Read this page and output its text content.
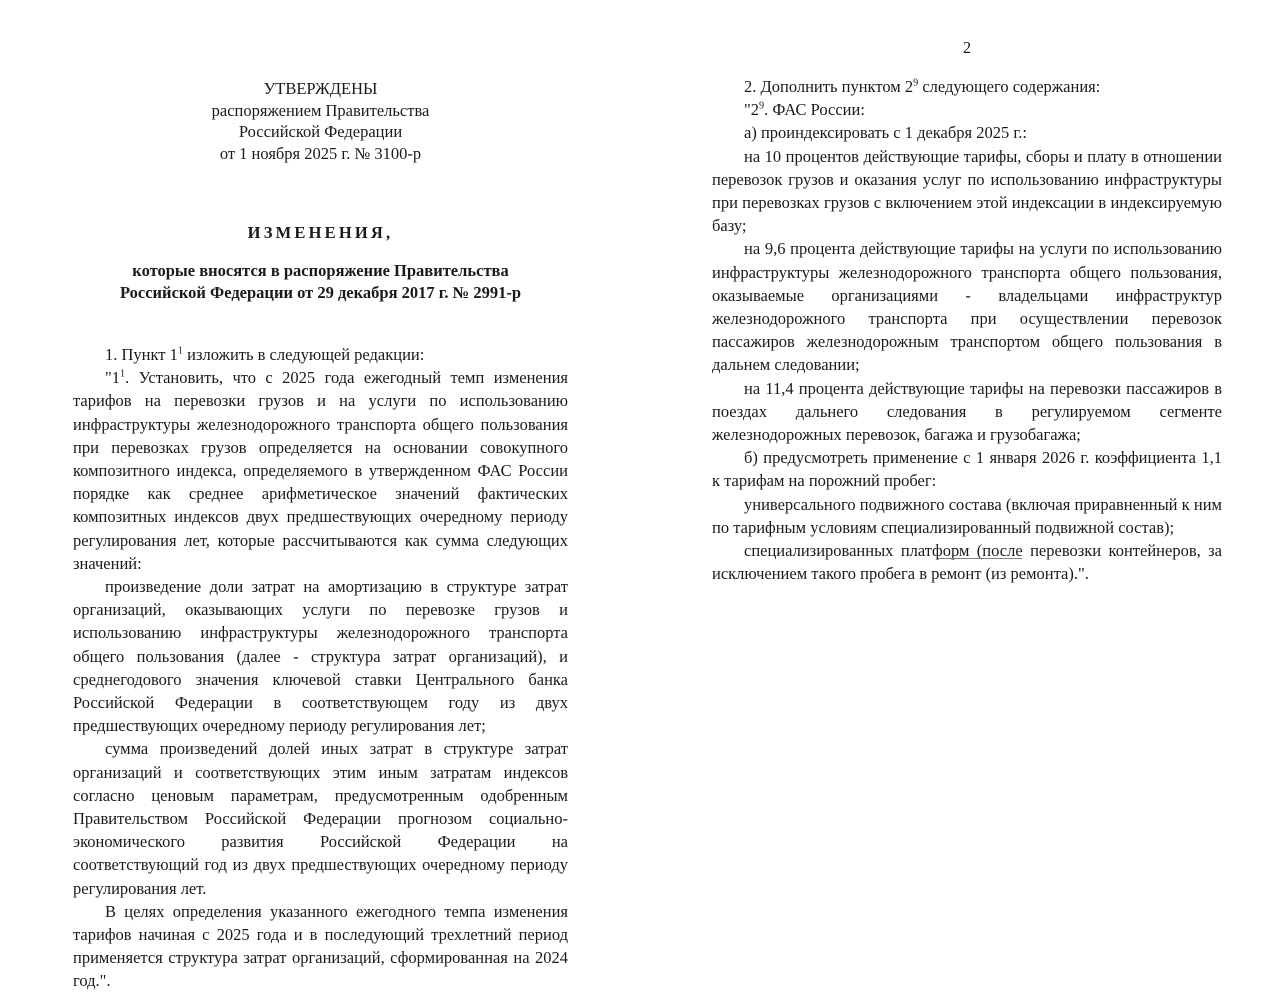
2
УТВЕРЖДЕНЫ
распоряжением Правительства
Российской Федерации
от 1 ноября 2025 г. № 3100-р
ИЗМЕНЕНИЯ,
которые вносятся в распоряжение Правительства
Российской Федерации от 29 декабря 2017 г. № 2991-р

1. Пункт $1^1$ изложить в следующей редакции:

"$1^1$. Установить, что с 2025 года ежегодный темп изменения тарифов на перевозки грузов и на услуги по использованию инфраструктуры железнодорожного транспорта общего пользования при перевозках грузов определяется на основании совокупного композитного индекса, определяемого в утвержденном ФАС России порядке как среднее арифметическое значений фактических композитных индексов двух предшествующих очередному периоду регулирования лет, которые рассчитываются как сумма следующих значений:

произведение доли затрат на амортизацию в структуре затрат организаций, оказывающих услуги по перевозке грузов и использованию инфраструктуры железнодорожного транспорта общего пользования (далее - структура затрат организаций), и среднегодового значения ключевой ставки Центрального банка Российской Федерации в соответствующем году из двух предшествующих очередному периоду регулирования лет;

сумма произведений долей иных затрат в структуре затрат организаций и соответствующих этим иным затратам индексов согласно ценовым параметрам, предусмотренным одобренным Правительством Российской Федерации прогнозом социально-экономического развития Российской Федерации на соответствующий год из двух предшествующих очередному периоду регулирования лет.

В целях определения указанного ежегодного темпа изменения тарифов начиная с 2025 года и в последующий трехлетний период применяется структура затрат организаций, сформированная на 2024 год.".

2. Дополнить пунктом $2^9$ следующего содержания:

"$2^9$. ФАС России:

а) проиндексировать с 1 декабря 2025 г.:

на 10 процентов действующие тарифы, сборы и плату в отношении перевозок грузов и оказания услуг по использованию инфраструктуры при перевозках грузов с включением этой индексации в индексируемую базу;

на 9,6 процента действующие тарифы на услуги по использованию инфраструктуры железнодорожного транспорта общего пользования, оказываемые организациями - владельцами инфраструктур железнодорожного транспорта при осуществлении перевозок пассажиров железнодорожным транспортом общего пользования в дальнем следовании;

на 11,4 процента действующие тарифы на перевозки пассажиров в поездах дальнего следования в регулируемом сегменте железнодорожных перевозок, багажа и грузобагажа;

б) предусмотреть применение с 1 января 2026 г. коэффициента 1,1 к тарифам на порожний пробег:

универсального подвижного состава (включая приравненный к ним по тарифным условиям специализированный подвижной состав);

специализированных платформ (после перевозки контейнеров, за исключением такого пробега в ремонт (из ремонта).".
